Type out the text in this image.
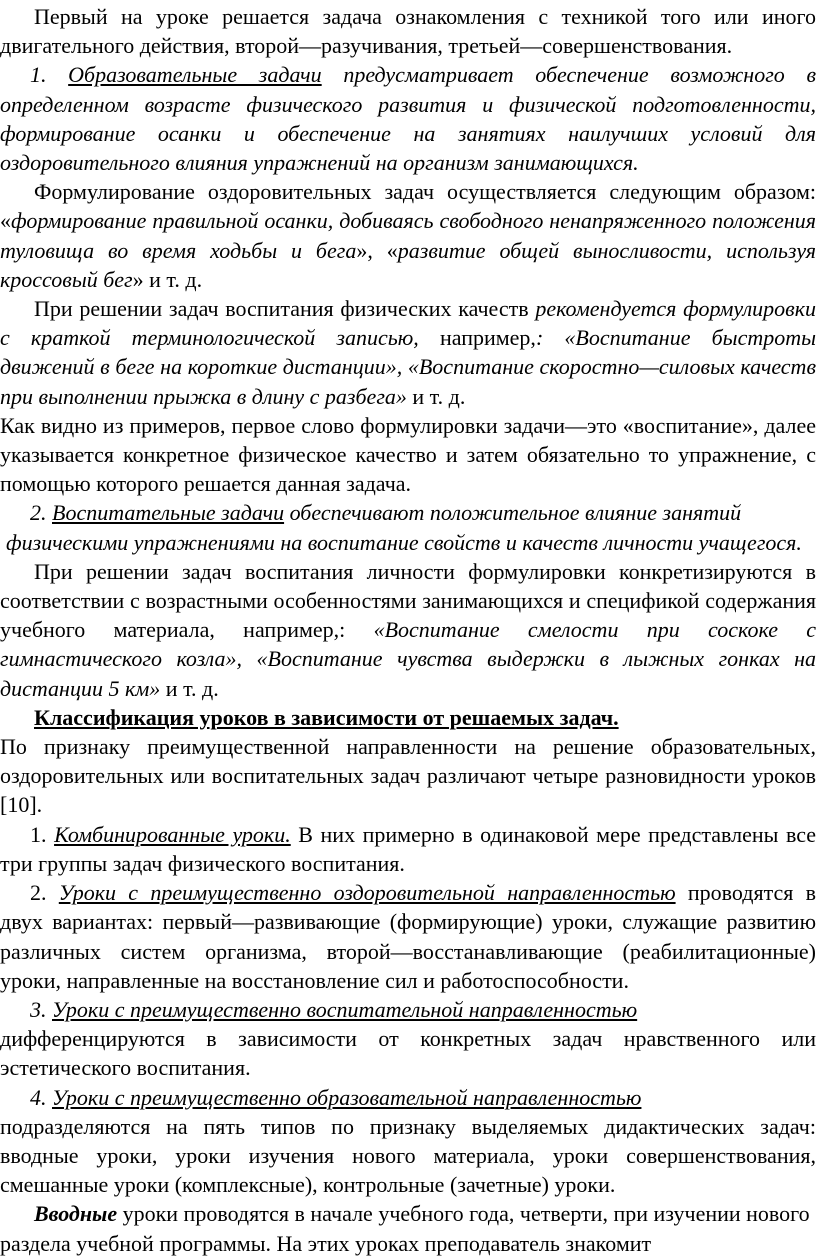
Первый на уроке решается задача ознакомления с техникой того или иного двигательного действия, второй—разучивания, третьей—совершенствования.

1. Образовательные задачи предусматривает обеспечение возможного в определенном возрасте физического развития и физической подготовленности, формирование осанки и обеспечение на занятиях наилучших условий для оздоровительного влияния упражнений на организм занимающихся.

Формулирование оздоровительных задач осуществляется следующим образом: «формирование правильной осанки, добиваясь свободного ненапряженного положения туловища во время ходьбы и бега», «развитие общей выносливости, используя кроссовый бег» и т. д.

При решении задач воспитания физических качеств рекомендуется формулировки с краткой терминологической записью, например,: «Воспитание быстроты движений в беге на короткие дистанции», «Воспитание скоростно—силовых качеств при выполнении прыжка в длину с разбега» и т. д.

Как видно из примеров, первое слово формулировки задачи—это «воспитание», далее указывается конкретное физическое качество и затем обязательно то упражнение, с помощью которого решается данная задача.

2. Воспитательные задачи обеспечивают положительное влияние занятий

физическими упражнениями на воспитание свойств и качеств личности учащегося.

При решении задач воспитания личности формулировки конкретизируются в соответствии с возрастными особенностями занимающихся и спецификой содержания учебного материала, например,: «Воспитание смелости при соскоке с гимнастического козла», «Воспитание чувства выдержки в лыжных гонках на дистанции 5 км» и т. д.

Классификация уроков в зависимости от решаемых задач.

По признаку преимущественной направленности на решение образовательных, оздоровительных или воспитательных задач различают четыре разновидности уроков [10].

1. Комбинированные уроки. В них примерно в одинаковой мере представлены все три группы задач физического воспитания.

2. Уроки с преимущественно оздоровительной направленностью проводятся в двух вариантах: первый—развивающие (формирующие) уроки, служащие развитию различных систем организма, второй—восстанавливающие (реабилитационные) уроки, направленные на восстановление сил и работоспособности.

3. Уроки с преимущественно воспитательной направленностью

дифференцируются в зависимости от конкретных задач нравственного или эстетического воспитания.

4. Уроки с преимущественно образовательной направленностью

подразделяются на пять типов по признаку выделяемых дидактических задач: вводные уроки, уроки изучения нового материала, уроки совершенствования, смешанные уроки (комплексные), контрольные (зачетные) уроки.

Вводные уроки проводятся в начале учебного года, четверти, при изучении нового раздела учебной программы. На этих уроках преподаватель знакомит
